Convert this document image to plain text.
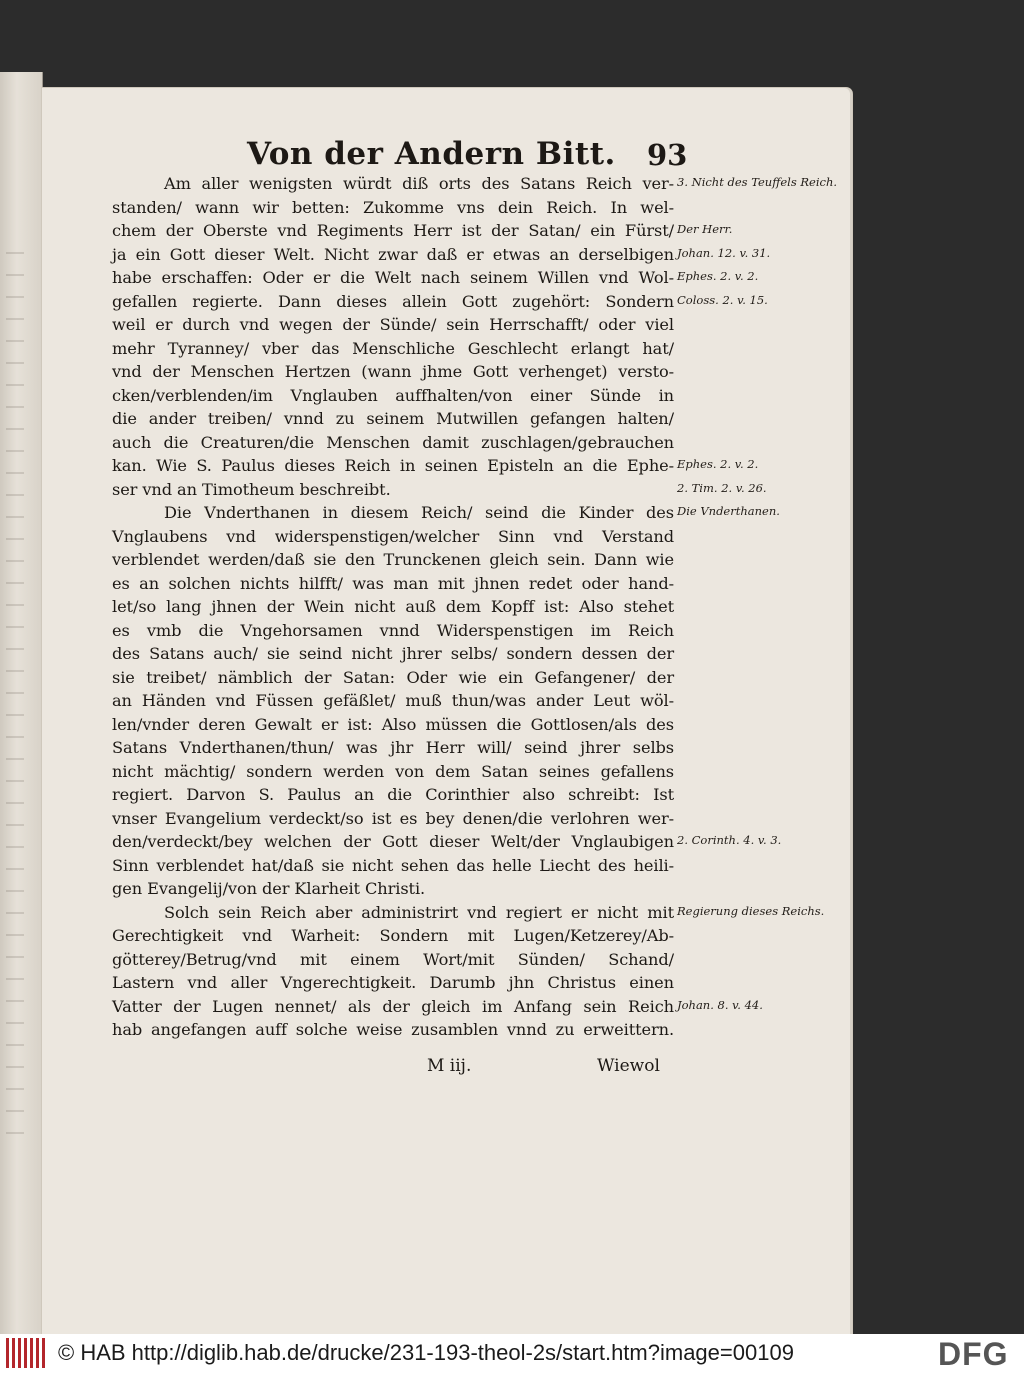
Von der Andern Bitt. 93
Am aller wenigsten würdt diß orts des Satans Reich ver-
standen/ wann wir betten: Zukomme vns dein Reich. In wel-
chem der Oberste vnd Regiments Herr ist der Satan/ ein Fürst/
ja ein Gott dieser Welt. Nicht zwar daß er etwas an derselbigen
habe erschaffen: Oder er die Welt nach seinem Willen vnd Wol-
gefallen regierte. Dann dieses allein Gott zugehört: Sondern
weil er durch vnd wegen der Sünde/ sein Herrschafft/ oder viel
mehr Tyranney/ vber das Menschliche Geschlecht erlangt hat/
vnd der Menschen Hertzen (wann jhme Gott verhenget) versto-
cken/verblenden/im Vnglauben auffhalten/von einer Sünde in
die ander treiben/ vnnd zu seinem Mutwillen gefangen halten/
auch die Creaturen/die Menschen damit zuschlagen/gebrauchen
kan. Wie S. Paulus dieses Reich in seinen Episteln an die Ephe-
ser vnd an Timotheum beschreibt.
Die Vnderthanen in diesem Reich/ seind die Kinder des
Vnglaubens vnd widerspenstigen/welcher Sinn vnd Verstand
verblendet werden/daß sie den Trunckenen gleich sein. Dann wie
es an solchen nichts hilfft/ was man mit jhnen redet oder hand-
let/so lang jhnen der Wein nicht auß dem Kopff ist: Also stehet
es vmb die Vngehorsamen vnnd Widerspenstigen im Reich
des Satans auch/ sie seind nicht jhrer selbs/ sondern dessen der
sie treibet/ nämblich der Satan: Oder wie ein Gefangener/ der
an Händen vnd Füssen gefäßlet/ muß thun/was ander Leut wöl-
len/vnder deren Gewalt er ist: Also müssen die Gottlosen/als des
Satans Vnderthanen/thun/ was jhr Herr will/ seind jhrer selbs
nicht mächtig/ sondern werden von dem Satan seines gefallens
regiert. Darvon S. Paulus an die Corinthier also schreibt: Ist
vnser Evangelium verdeckt/so ist es bey denen/die verlohren wer-
den/verdeckt/bey welchen der Gott dieser Welt/der Vnglaubigen
Sinn verblendet hat/daß sie nicht sehen das helle Liecht des heili-
gen Evangelij/von der Klarheit Christi.
Solch sein Reich aber administrirt vnd regiert er nicht mit
Gerechtigkeit vnd Warheit: Sondern mit Lugen/Ketzerey/Ab-
götterey/Betrug/vnd mit einem Wort/mit Sünden/ Schand/
Lastern vnd aller Vngerechtigkeit. Darumb jhn Christus einen
Vatter der Lugen nennet/ als der gleich im Anfang sein Reich
hab angefangen auff solche weise zusamblen vnnd zu erweittern.
3. Nicht des Teuffels Reich.
Der Herr.
Johan. 12. v. 31.
Ephes. 2. v. 2.
Coloss. 2. v. 15.
Ephes. 2. v. 2.
2. Tim. 2. v. 26.
Die Vnderthanen.
2. Corinth. 4. v. 3.
Regierung dieses Reichs.
Johan. 8. v. 44.
M iij.	Wiewol
© HAB http://diglib.hab.de/drucke/231-193-theol-2s/start.htm?image=00109	DFG
